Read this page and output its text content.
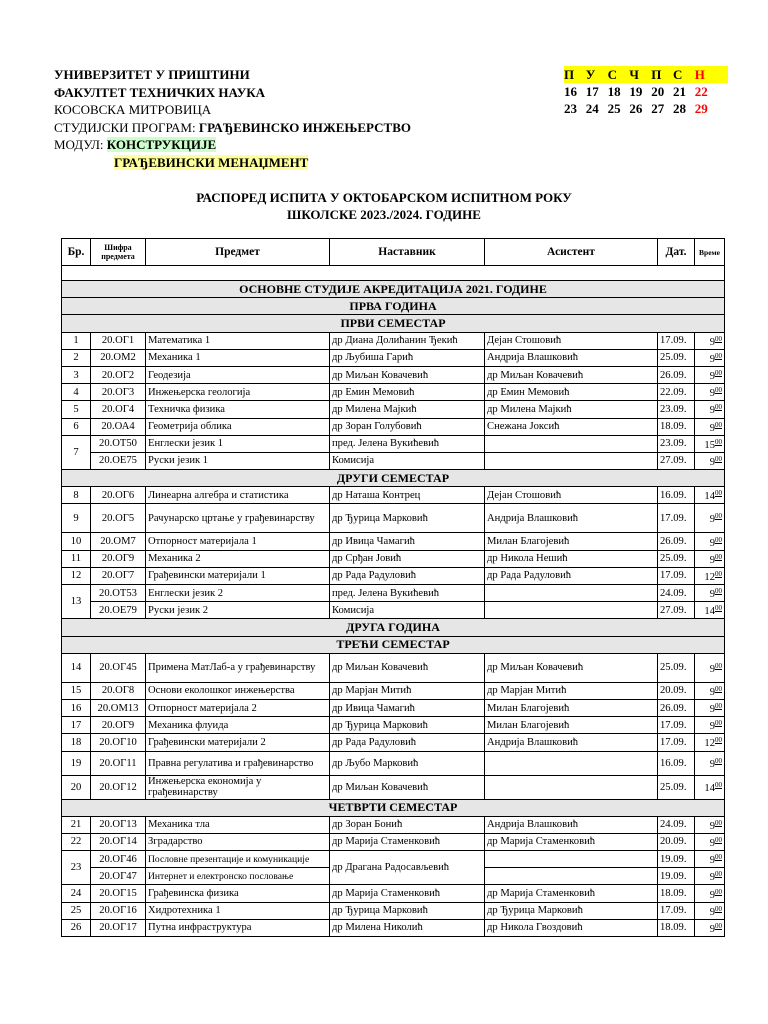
УНИВЕРЗИТЕТ У ПРИШТИНИ
ФАКУЛТЕТ ТЕХНИЧКИХ НАУКА
КОСОВСКА МИТРОВИЦА
СТУДИЈСКИ ПРОГРАМ: ГРАЂЕВИНСКО ИНЖЕЊЕРСТВО
МОДУЛ: КОНСТРУКЦИЈЕ
ГРАЂЕВИНСКИ МЕНАЏМЕНТ
П У С Ч П С Н
16 17 18 19 20 21 22
23 24 25 26 27 28 29
РАСПОРЕД ИСПИТА У ОКТОБАРСКОМ ИСПИТНОМ РОКУ
ШКОЛСКЕ 2023./2024. ГОДИНЕ
Бр.	Шифра предмета	Предмет	Наставник	Асистент	Дат.	Време

ОСНОВНЕ СТУДИЈЕ АКРЕДИТАЦИЈА 2021. ГОДИНЕ						
ПРВА ГОДИНА						
ПРВИ СЕМЕСТАР						
1	20.ОГ1	Математика 1	др Диана Долићанин Ђекић	Дејан Стошовић	17.09.	$9^{00}$
2	20.ОМ2	Механика 1	др Љубиша Гарић	Андрија Влашковић	25.09.	$9^{00}$
3	20.ОГ2	Геодезија	др Миљан Ковачевић	др Миљан Ковачевић	26.09.	$9^{00}$
4	20.ОГ3	Инжењерска геологија	др Емин Мемовић	др Емин Мемовић	22.09.	$9^{00}$
5	20.ОГ4	Техничка физика	др Милена Мајкић	др Милена Мајкић	23.09.	$9^{00}$
6	20.ОА4	Геометрија облика	др Зоран Голубовић	Снежана Јоксић	18.09.	$9^{00}$
7	20.ОТ50	Енглески језик 1	пред. Јелена Вукићевић		23.09.	$15^{00}$
	20.ОЕ75	Руски језик 1	Комисија		27.09.	$9^{00}$
ДРУГИ СЕМЕСТАР						
8	20.ОГ6	Линеарна алгебра и статистика	др Наташа Контрец	Дејан Стошовић	16.09.	$14^{00}$
9	20.ОГ5	Рачунарско цртање у грађевинарству	др Ђурица Марковић	Андрија Влашковић	17.09.	$9^{00}$
10	20.ОМ7	Отпорност материјала 1	др Ивица Чамагић	Милан Благојевић	26.09.	$9^{00}$
11	20.ОГ9	Механика 2	др Срђан Јовић	др Никола Нешић	25.09.	$9^{00}$
12	20.ОГ7	Грађевински материјали 1	др Рада Радуловић	др Рада Радуловић	17.09.	$12^{00}$
13	20.ОТ53	Енглески језик 2	пред. Јелена Вукићевић		24.09.	$9^{00}$
	20.ОЕ79	Руски језик 2	Комисија		27.09.	$14^{00}$
ДРУГА ГОДИНА						
ТРЕЋИ СЕМЕСТАР						
14	20.ОГ45	Примена МатЛаб-а у грађевинарству	др Миљан Ковачевић	др Миљан Ковачевић	25.09.	$9^{00}$
15	20.ОГ8	Основи еколошког инжењерства	др Марјан Митић	др Марјан Митић	20.09.	$9^{00}$
16	20.ОМ13	Отпорност материјала 2	др Ивица Чамагић	Милан Благојевић	26.09.	$9^{00}$
17	20.ОГ9	Механика флуида	др Ђурица Марковић	Милан Благојевић	17.09.	$9^{00}$
18	20.ОГ10	Грађевински материјали 2	др Рада Радуловић	Андрија Влашковић	17.09.	$12^{00}$
19	20.ОГ11	Правна регулатива и грађевинарство	др Љубо Марковић		16.09.	$9^{00}$
20	20.ОГ12	Инжењерска економија у грађевинарству	др Миљан Ковачевић		25.09.	$14^{00}$
ЧЕТВРТИ СЕМЕСТАР						
21	20.ОГ13	Механика тла	др Зоран Бонић	Андрија Влашковић	24.09.	$9^{00}$
22	20.ОГ14	Зградарство	др Марија Стаменковић	др Марија Стаменковић	20.09.	$9^{00}$
23	20.ОГ46	Пословне презентације и комуникације	др Драгана Радосављевић		19.09.	$9^{00}$
	20.ОГ47	Интернет и електронско пословање			19.09.	$9^{00}$
24	20.ОГ15	Грађевинска физика	др Марија Стаменковић	др Марија Стаменковић	18.09.	$9^{00}$
25	20.ОГ16	Хидротехника 1	др Ђурица Марковић	др Ђурица Марковић	17.09.	$9^{00}$
26	20.ОГ17	Путна инфраструктура	др Милена Николић	др Никола Гвоздовић	18.09.	$9^{00}$
